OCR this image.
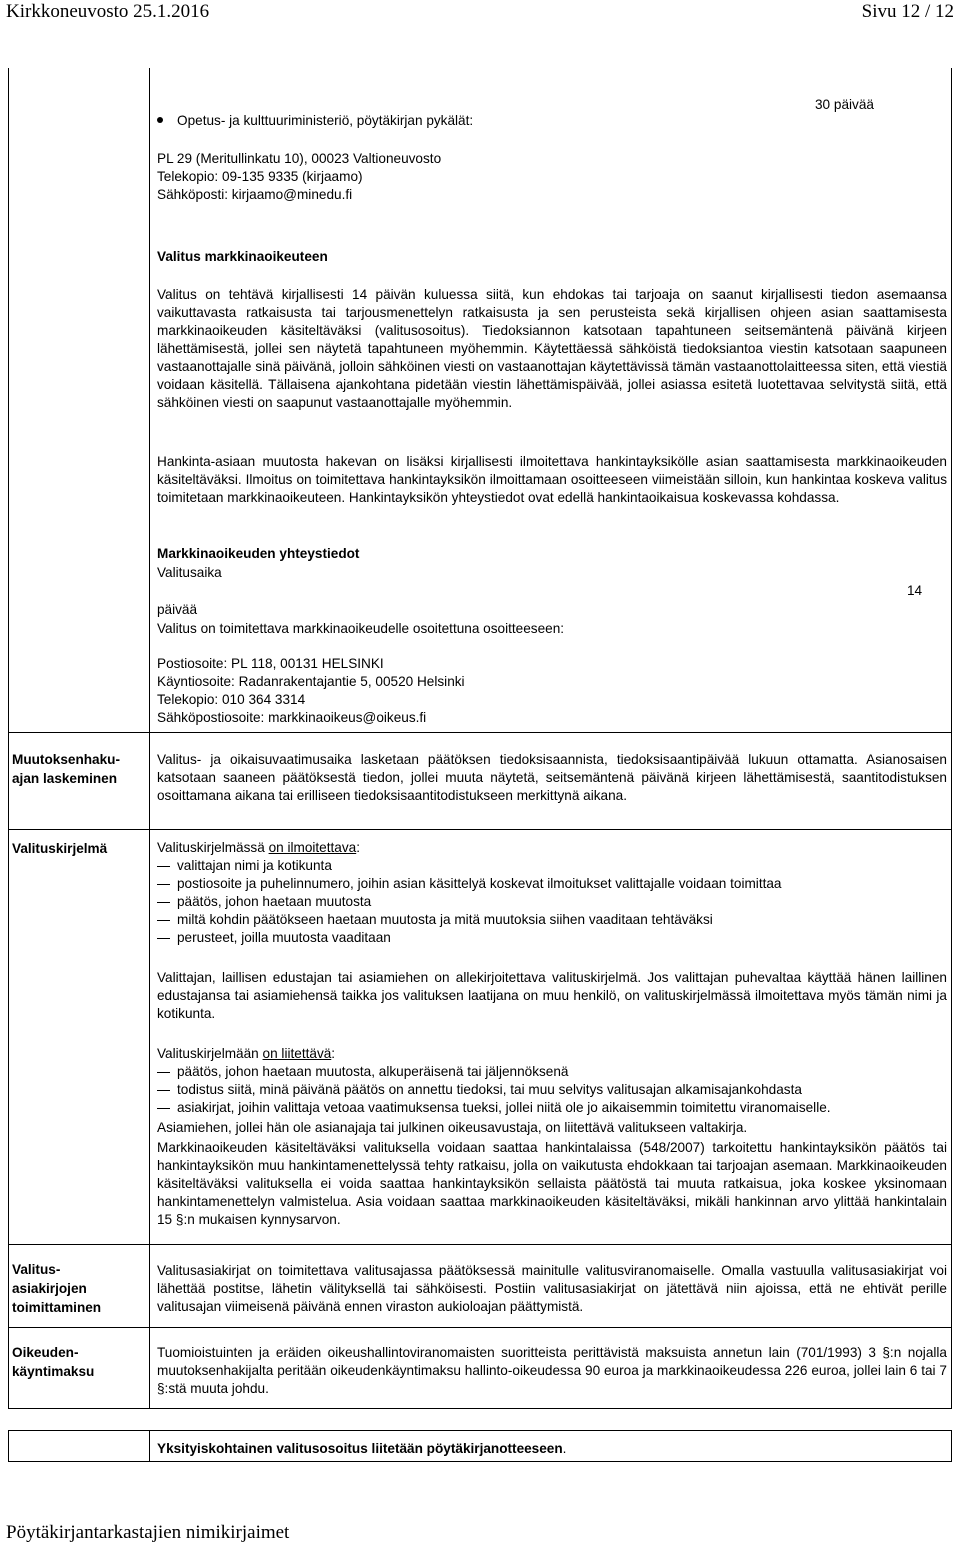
Kirkkoneuvosto 25.1.2016	Sivu 12 / 12
Opetus- ja kulttuuriministeriö, pöytäkirjan pykälät:
30 päivää
PL 29 (Meritullinkatu 10), 00023 Valtioneuvosto
Telekopio: 09-135 9335 (kirjaamo)
Sähköposti: kirjaamo@minedu.fi
Valitus markkinaoikeuteen
Valitus on tehtävä kirjallisesti 14 päivän kuluessa siitä, kun ehdokas tai tarjoaja on saanut kirjallisesti tiedon asemaansa vaikuttavasta ratkaisusta tai tarjousmenettelyn ratkaisusta ja sen perusteista sekä kirjallisen ohjeen asian saattamisesta markkinaoikeuden käsiteltäväksi (valitusosoitus). Tiedoksiannon katsotaan tapahtuneen seitsemäntenä päivänä kirjeen lähettämisestä, jollei sen näytetä tapahtuneen myöhemmin. Käytettäessä sähköistä tiedoksiantoa viestin katsotaan saapuneen vastaanottajalle sinä päivänä, jolloin sähköinen viesti on vastaanottajan käytettävissä tämän vastaanottolaitteessa siten, että viestiä voidaan käsitellä. Tällaisena ajankohtana pidetään viestin lähettämispäivää, jollei asiassa esitetä luotettavaa selvitystä siitä, että sähköinen viesti on saapunut vastaanottajalle myöhemmin.
Hankinta-asiaan muutosta hakevan on lisäksi kirjallisesti ilmoitettava hankintayksikölle asian saattamisesta markkinaoikeuden käsiteltäväksi. Ilmoitus on toimitettava hankintayksikön ilmoittamaan osoitteeseen viimeistään silloin, kun hankintaa koskeva valitus toimitetaan markkinaoikeuteen. Hankintayksikön yhteystiedot ovat edellä hankintaoikaisua koskevassa kohdassa.
Markkinaoikeuden yhteystiedot
Valitusaika
14
päivää
Valitus on toimitettava markkinaoikeudelle osoitettuna osoitteeseen:
Postiosoite: PL 118, 00131 HELSINKI
Käyntiosoite: Radanrakentajantie 5, 00520 Helsinki
Telekopio: 010 364 3314
Sähköpostiosoite: markkinaoikeus@oikeus.fi
Muutoksenhaku-
ajan laskeminen
Valitus- ja oikaisuvaatimusaika lasketaan päätöksen tiedoksisaannista, tiedoksisaantipäivää lukuun ottamatta. Asianosaisen katsotaan saaneen päätöksestä tiedon, jollei muuta näytetä, seitsemäntenä päivänä kirjeen lähettämisestä, saantitodistuksen osoittamana aikana tai erilliseen tiedoksisaantitodistukseen merkittynä aikana.
Valituskirjelmä	Valituskirjelmässä on ilmoitettava:

valittajan nimi ja kotikunta
postiosoite ja puhelinnumero, joihin asian käsittelyä koskevat ilmoitukset valittajalle voidaan toimittaa
päätös, johon haetaan muutosta
miltä kohdin päätökseen haetaan muutosta ja mitä muutoksia siihen vaaditaan tehtäväksi
perusteet, joilla muutosta vaaditaan

Valittajan, laillisen edustajan tai asiamiehen on allekirjoitettava valituskirjelmä. Jos valittajan puhevaltaa käyttää hänen laillinen edustajansa tai asiamiehensä taikka jos valituksen laatijana on muu henkilö, on valituskirjelmässä ilmoitettava myös tämän nimi ja kotikunta.

Valituskirjelmään on liitettävä:

päätös, johon haetaan muutosta, alkuperäisenä tai jäljennöksenä
todistus siitä, minä päivänä päätös on annettu tiedoksi, tai muu selvitys valitusajan alkamisajankohdasta
asiakirjat, joihin valittaja vetoaa vaatimuksensa tueksi, jollei niitä ole jo aikaisemmin toimitettu viranomaiselle.

Asiamiehen, jollei hän ole asianajaja tai julkinen oikeusavustaja, on liitettävä valitukseen valtakirja.

Markkinaoikeuden käsiteltäväksi valituksella voidaan saattaa hankintalaissa (548/2007) tarkoitettu hankintayksikön päätös tai hankintayksikön muu hankintamenettelyssä tehty ratkaisu, jolla on vaikutusta ehdokkaan tai tarjoajan asemaan. Markkinaoikeuden käsiteltäväksi valituksella ei voida saattaa hankintayksikön sellaista päätöstä tai muuta ratkaisua, joka koskee yksinomaan hankintamenettelyn valmistelua. Asia voidaan saattaa markkinaoikeuden käsiteltäväksi, mikäli hankinnan arvo ylittää hankintalain 15 §:n mukaisen kynnysarvon.

Valitus-
asiakirjojen
toimittaminen
Valitusasiakirjat on toimitettava valitusajassa päätöksessä mainitulle valitusviranomaiselle. Omalla vastuulla valitusasiakirjat voi lähettää postitse, lähetin välityksellä tai sähköisesti. Postiin valitusasiakirjat on jätettävä niin ajoissa, että ne ehtivät perille valitusajan viimeisenä päivänä ennen viraston aukioloajan päättymistä.
Oikeuden-
käyntimaksu
Tuomioistuinten ja eräiden oikeushallintoviranomaisten suoritteista perittävistä maksuista annetun lain (701/1993) 3 §:n nojalla muutoksenhakijalta peritään oikeudenkäyntimaksu hallinto-oikeudessa 90 euroa ja markkinaoikeudessa 226 euroa, jollei lain 6 tai 7 §:stä muuta johdu.
Yksityiskohtainen valitusosoitus liitetään pöytäkirjanotteeseen.
Pöytäkirjantarkastajien nimikirjaimet
